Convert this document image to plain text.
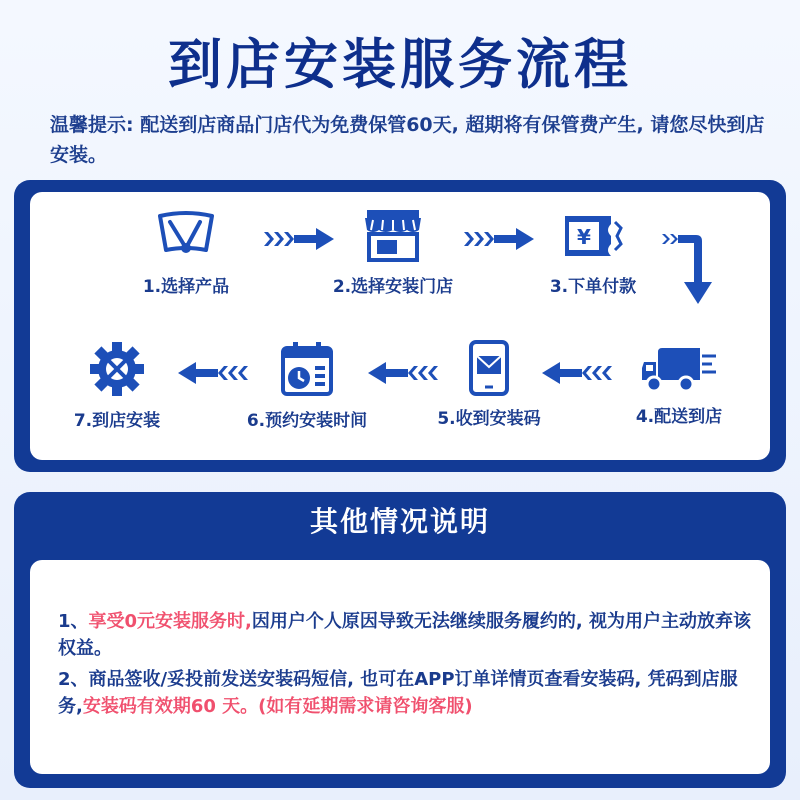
到店安装服务流程
温馨提示: 配送到店商品门店代为免费保管60天, 超期将有保管费产生, 请您尽快到店安装。
1.选择产品	2.选择安装门店
¥
3.下单付款
4.配送到店
5.收到安装码
6.预约安装时间
7.到店安装
其他情况说明

1、享受0元安装服务时,因用户个人原因导致无法继续服务履约的, 视为用户主动放弃该权益。

2、商品签收/妥投前发送安装码短信, 也可在APP订单详情页查看安装码, 凭码到店服务,安装码有效期60 天。(如有延期需求请咨询客服)
